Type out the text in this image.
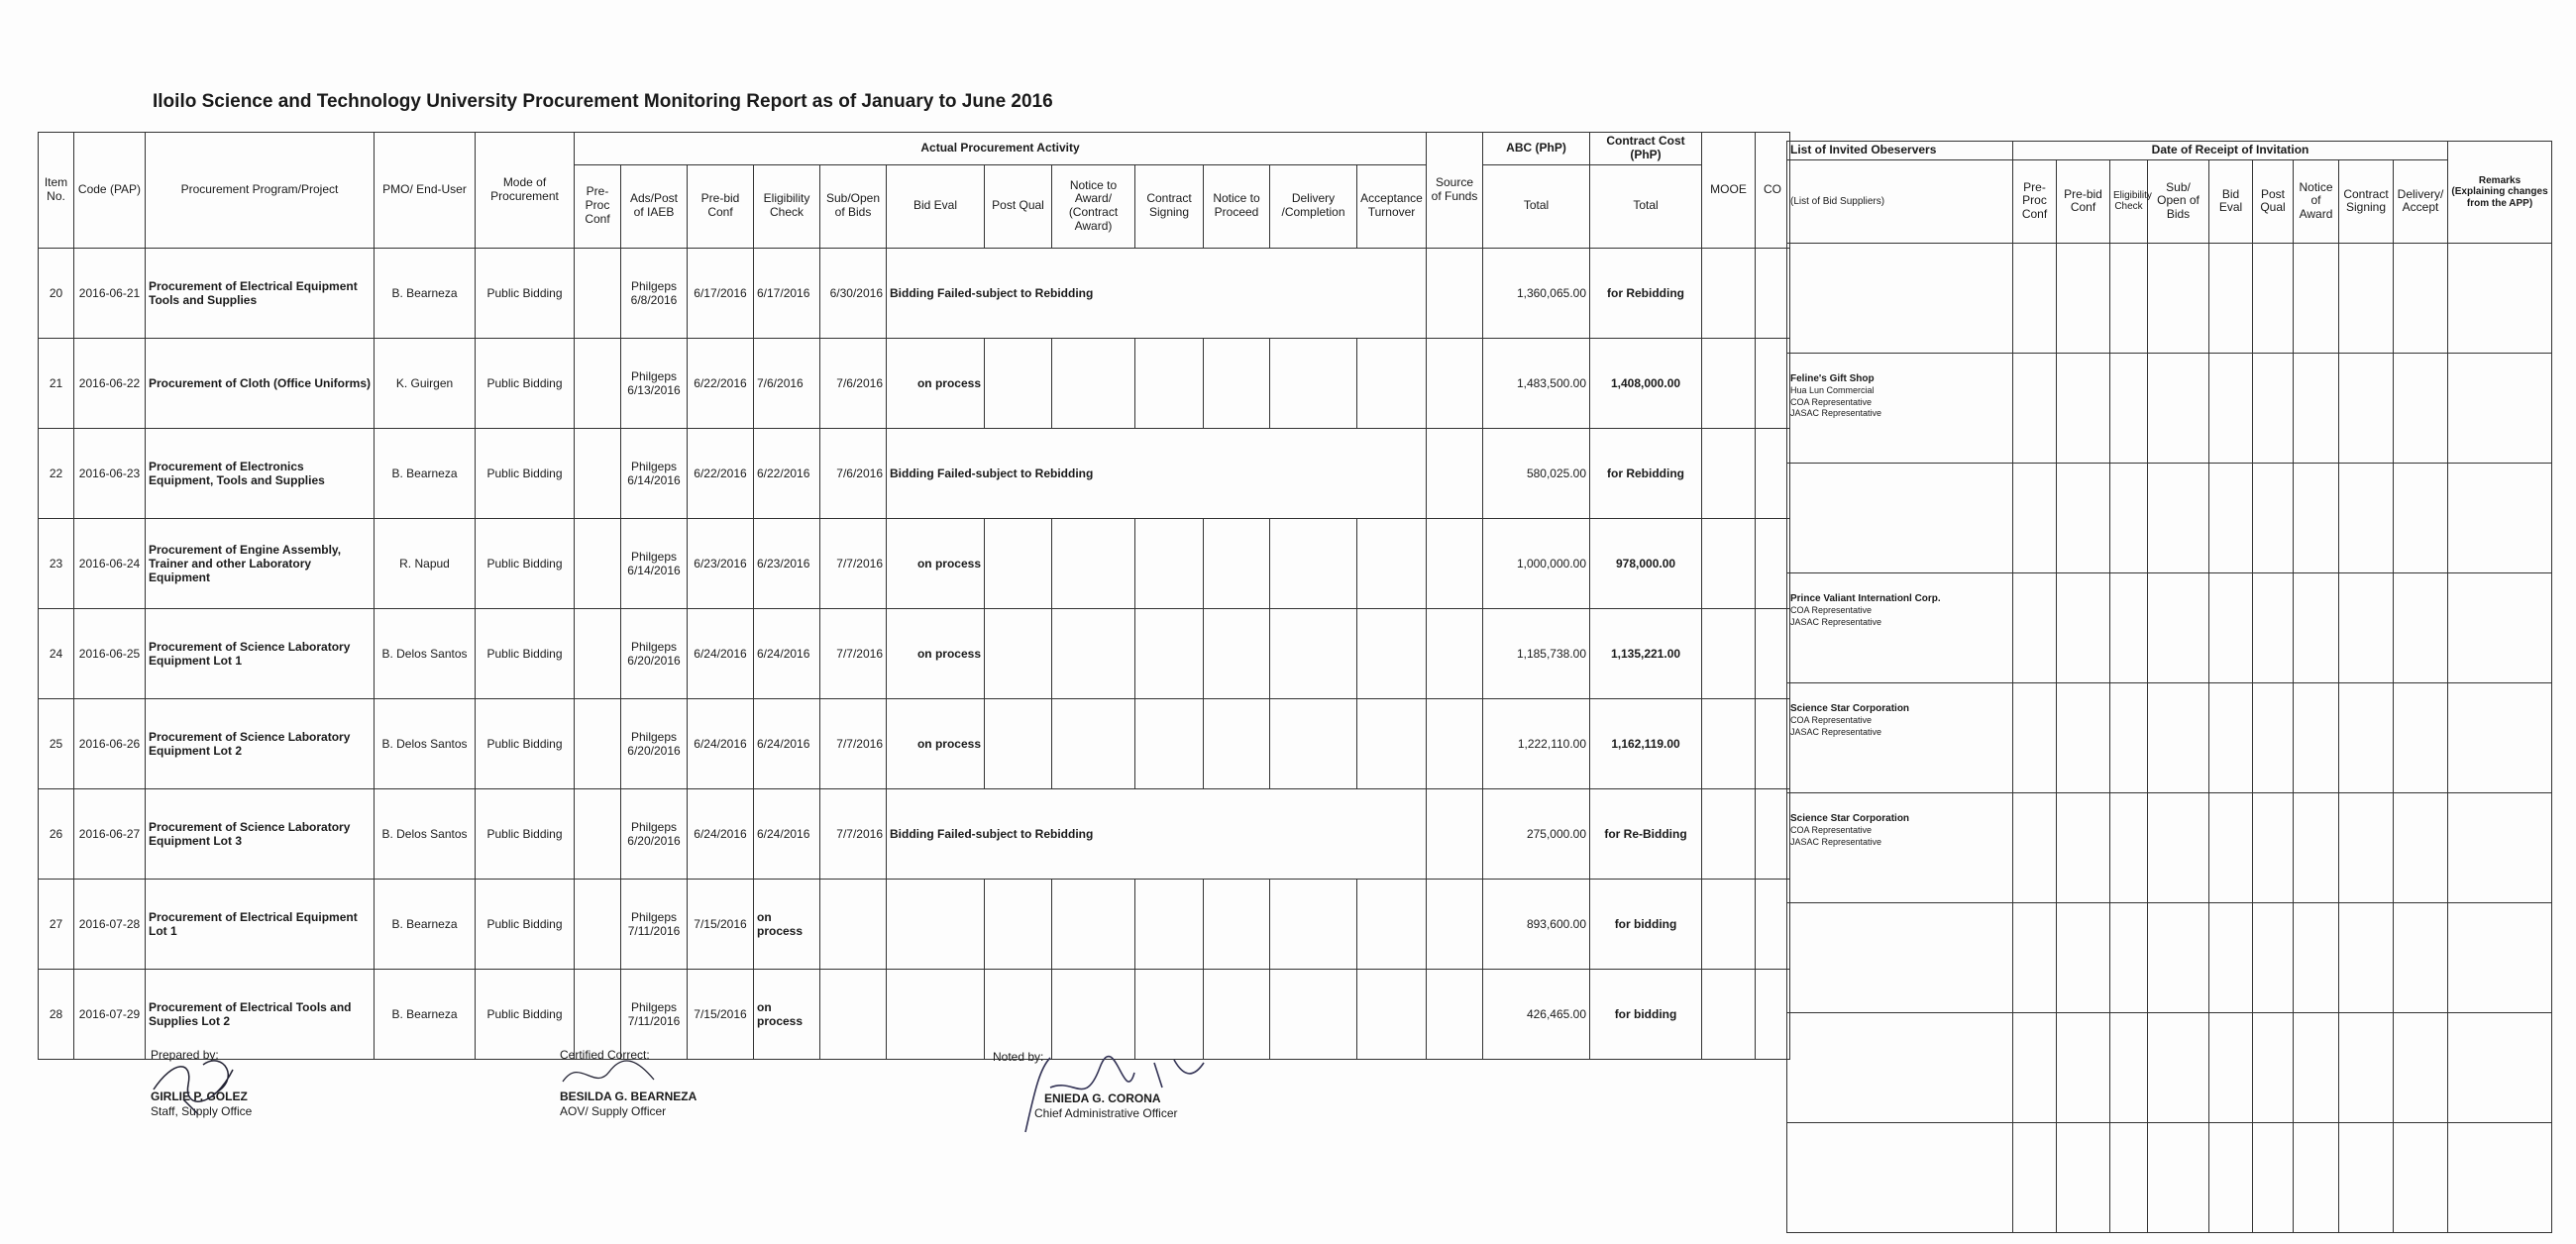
Iloilo Science and Technology University Procurement Monitoring Report as of January to June 2016
Item No.	Code (PAP)	Procurement Program/Project	PMO/ End-User	Mode of Procurement	Actual Procurement Activity												Source of Funds	ABC (PhP)	Contract Cost (PhP)	MOOE	CO
					Pre-Proc Conf	Ads/Post of IAEB	Pre-bid Conf	Eligibility Check	Sub/Open of Bids	Bid Eval	Post Qual	Notice to Award/ (Contract Award)	Contract Signing	Notice to Proceed	Delivery /Completion	Acceptance Turnover		Total	Total		
20	2016-06-21	Procurement of Electrical Equipment Tools and Supplies	B. Bearneza	Public Bidding		Philgeps 6/8/2016	6/17/2016	6/17/2016	6/30/2016	Bidding Failed-subject to Rebidding								1,360,065.00	for Rebidding		
21	2016-06-22	Procurement of Cloth (Office Uniforms)	K. Guirgen	Public Bidding		Philgeps 6/13/2016	6/22/2016	7/6/2016	7/6/2016	on process								1,483,500.00	1,408,000.00		
22	2016-06-23	Procurement of Electronics Equipment, Tools and Supplies	B. Bearneza	Public Bidding		Philgeps 6/14/2016	6/22/2016	6/22/2016	7/6/2016	Bidding Failed-subject to Rebidding								580,025.00	for Rebidding		
23	2016-06-24	Procurement of Engine Assembly, Trainer and other Laboratory Equipment	R. Napud	Public Bidding		Philgeps 6/14/2016	6/23/2016	6/23/2016	7/7/2016	on process								1,000,000.00	978,000.00		
24	2016-06-25	Procurement of Science Laboratory Equipment Lot 1	B. Delos Santos	Public Bidding		Philgeps 6/20/2016	6/24/2016	6/24/2016	7/7/2016	on process								1,185,738.00	1,135,221.00		
25	2016-06-26	Procurement of Science Laboratory Equipment Lot 2	B. Delos Santos	Public Bidding		Philgeps 6/20/2016	6/24/2016	6/24/2016	7/7/2016	on process								1,222,110.00	1,162,119.00		
26	2016-06-27	Procurement of Science Laboratory Equipment Lot 3	B. Delos Santos	Public Bidding		Philgeps 6/20/2016	6/24/2016	6/24/2016	7/7/2016	Bidding Failed-subject to Rebidding								275,000.00	for Re-Bidding		
27	2016-07-28	Procurement of Electrical Equipment Lot 1	B. Bearneza	Public Bidding		Philgeps 7/11/2016	7/15/2016	on process										893,600.00	for bidding		
28	2016-07-29	Procurement of Electrical Tools and Supplies Lot 2	B. Bearneza	Public Bidding		Philgeps 7/11/2016	7/15/2016	on process										426,465.00	for bidding		
List of Invited Obeservers	Date of Receipt of Invitation									Remarks (Explaining changes from the APP)
(List of Bid Suppliers)	Pre-Proc Conf	Pre-bid Conf	Eligibility Check	Sub/ Open of Bids	Bid Eval	Post Qual	Notice of Award	Contract Signing	Delivery/ Accept	

Feline's Gift Shop
Hua Lun Commercial
COA Representative
JASAC Representative										

Prince Valiant Internationl Corp.
COA Representative
JASAC Representative										

Science Star Corporation
COA Representative
JASAC Representative										

Science Star Corporation
COA Representative
JASAC Representative										

Prepared by:
GIRLIE P. GOLEZ
Staff, Supply Office
Certified Correct:
BESILDA G. BEARNEZA
AOV/ Supply Officer
Noted by:
ENIEDA G. CORONA
Chief Administrative Officer
